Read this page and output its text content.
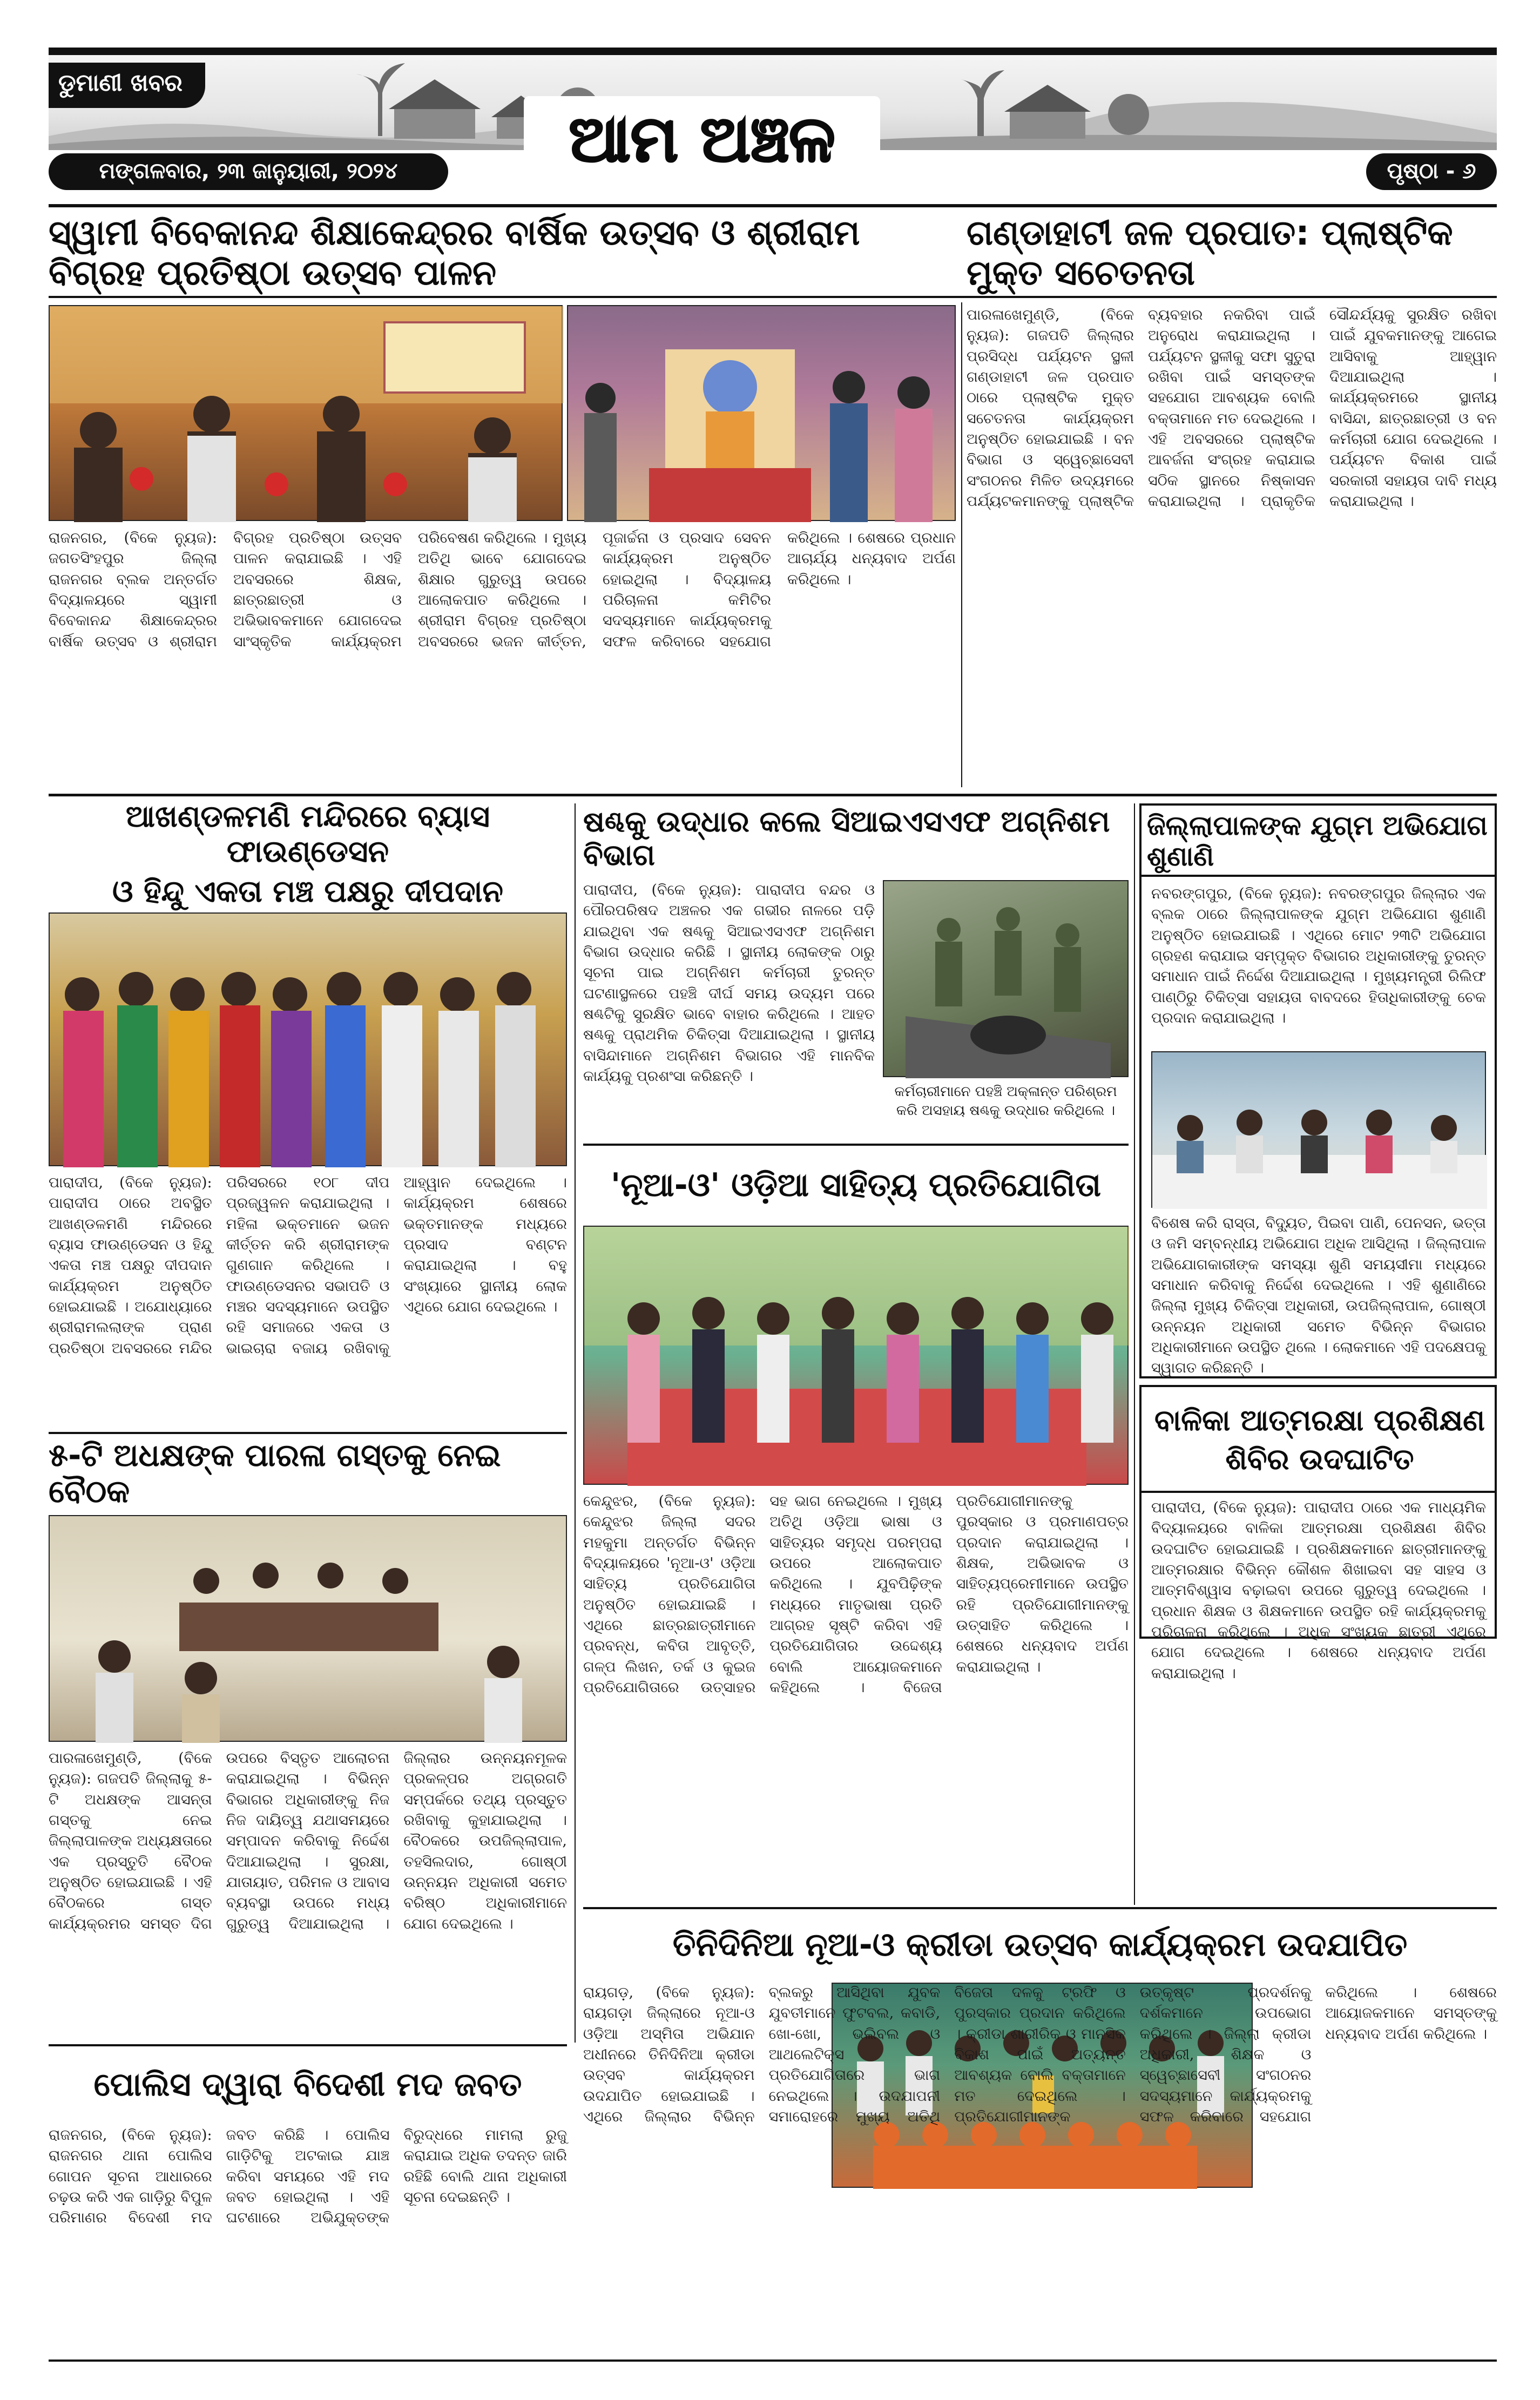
ଡୁମାଣୀ ଖବର
ଆମ ଅଞ୍ଚଳ
ମଙ୍ଗଳବାର, ୨୩ ଜାନୁୟାରୀ, ୨୦୨୪	ପୃଷ୍ଠା - ୬
ସ୍ୱାମୀ ବିବେକାନନ୍ଦ ଶିକ୍ଷାକେନ୍ଦ୍ରର ବାର୍ଷିକ ଉତ୍ସବ ଓ ଶ୍ରୀରାମ ବିଗ୍ରହ ପ୍ରତିଷ୍ଠା ଉତ୍ସବ ପାଳନ
ଗଣ୍ଡାହାଟୀ ଜଳ ପ୍ରପାତ: ପ୍ଲାଷ୍ଟିକ ମୁକ୍ତ ସଚେତନତା

ରାଜନଗର, (ବିକେ ନ୍ୟୁଜ): ଜଗତସିଂହପୁର ଜିଲ୍ଲା ରାଜନଗର ବ୍ଲକ ଅନ୍ତର୍ଗତ ବିଦ୍ୟାଳୟରେ ସ୍ୱାମୀ ବିବେକାନନ୍ଦ ଶିକ୍ଷାକେନ୍ଦ୍ରର ବାର୍ଷିକ ଉତ୍ସବ ଓ ଶ୍ରୀରାମ ବିଗ୍ରହ ପ୍ରତିଷ୍ଠା ଉତ୍ସବ ପାଳନ କରାଯାଇଛି । ଏହି ଅବସରରେ ଶିକ୍ଷକ, ଛାତ୍ରଛାତ୍ରୀ ଓ ଅଭିଭାବକମାନେ ଯୋଗଦେଇ ସାଂସ୍କୃତିକ କାର୍ଯ୍ୟକ୍ରମ ପରିବେଷଣ କରିଥିଲେ । ମୁଖ୍ୟ ଅତିଥି ଭାବେ ଯୋଗଦେଇ ଶିକ୍ଷାର ଗୁରୁତ୍ୱ ଉପରେ ଆଲୋକପାତ କରିଥିଲେ । ଶ୍ରୀରାମ ବିଗ୍ରହ ପ୍ରତିଷ୍ଠା ଅବସରରେ ଭଜନ କୀର୍ତ୍ତନ, ପୂଜାର୍ଚ୍ଚନା ଓ ପ୍ରସାଦ ସେବନ କାର୍ଯ୍ୟକ୍ରମ ଅନୁଷ୍ଠିତ ହୋଇଥିଲା । ବିଦ୍ୟାଳୟ ପରିଚାଳନା କମିଟିର ସଦସ୍ୟମାନେ କାର୍ଯ୍ୟକ୍ରମକୁ ସଫଳ କରିବାରେ ସହଯୋଗ କରିଥିଲେ । ଶେଷରେ ପ୍ରଧାନ ଆଚାର୍ଯ୍ୟ ଧନ୍ୟବାଦ ଅର୍ପଣ କରିଥିଲେ ।

ପାରଳାଖେମୁଣ୍ଡି, (ବିକେ ନ୍ୟୁଜ): ଗଜପତି ଜିଲ୍ଲାର ପ୍ରସିଦ୍ଧ ପର୍ଯ୍ୟଟନ ସ୍ଥଳୀ ଗଣ୍ଡାହାଟୀ ଜଳ ପ୍ରପାତ ଠାରେ ପ୍ଲାଷ୍ଟିକ ମୁକ୍ତ ସଚେତନତା କାର୍ଯ୍ୟକ୍ରମ ଅନୁଷ୍ଠିତ ହୋଇଯାଇଛି । ବନ ବିଭାଗ ଓ ସ୍ୱେଚ୍ଛାସେବୀ ସଂଗଠନର ମିଳିତ ଉଦ୍ୟମରେ ପର୍ଯ୍ୟଟକମାନଙ୍କୁ ପ୍ଲାଷ୍ଟିକ ବ୍ୟବହାର ନକରିବା ପାଇଁ ଅନୁରୋଧ କରାଯାଇଥିଲା । ପର୍ଯ୍ୟଟନ ସ୍ଥଳୀକୁ ସଫା ସୁତୁରା ରଖିବା ପାଇଁ ସମସ୍ତଙ୍କ ସହଯୋଗ ଆବଶ୍ୟକ ବୋଲି ବକ୍ତାମାନେ ମତ ଦେଇଥିଲେ । ଏହି ଅବସରରେ ପ୍ଲାଷ୍ଟିକ ଆବର୍ଜନା ସଂଗ୍ରହ କରାଯାଇ ସଠିକ ସ୍ଥାନରେ ନିଷ୍କାସନ କରାଯାଇଥିଲା । ପ୍ରାକୃତିକ ସୌନ୍ଦର୍ଯ୍ୟକୁ ସୁରକ୍ଷିତ ରଖିବା ପାଇଁ ଯୁବକମାନଙ୍କୁ ଆଗେଇ ଆସିବାକୁ ଆହ୍ୱାନ ଦିଆଯାଇଥିଲା । କାର୍ଯ୍ୟକ୍ରମରେ ସ୍ଥାନୀୟ ବାସିନ୍ଦା, ଛାତ୍ରଛାତ୍ରୀ ଓ ବନ କର୍ମଚାରୀ ଯୋଗ ଦେଇଥିଲେ । ପର୍ଯ୍ୟଟନ ବିକାଶ ପାଇଁ ସରକାରୀ ସହାୟତା ଦାବି ମଧ୍ୟ କରାଯାଇଥିଲା ।

ଆଖଣ୍ଡଳମଣି ମନ୍ଦିରରେ ବ୍ୟାସ ଫାଉଣ୍ଡେସନ
ଓ ହିନ୍ଦୁ ଏକତା ମଞ୍ଚ ପକ୍ଷରୁ ଦୀପଦାନ

ପାରାଦୀପ, (ବିକେ ନ୍ୟୁଜ): ପାରାଦୀପ ଠାରେ ଅବସ୍ଥିତ ଆଖଣ୍ଡଳମଣି ମନ୍ଦିରରେ ବ୍ୟାସ ଫାଉଣ୍ଡେସନ ଓ ହିନ୍ଦୁ ଏକତା ମଞ୍ଚ ପକ୍ଷରୁ ଦୀପଦାନ କାର୍ଯ୍ୟକ୍ରମ ଅନୁଷ୍ଠିତ ହୋଇଯାଇଛି । ଅଯୋଧ୍ୟାରେ ଶ୍ରୀରାମଲଲାଙ୍କ ପ୍ରାଣ ପ୍ରତିଷ୍ଠା ଅବସରରେ ମନ୍ଦିର ପରିସରରେ ୧୦୮ ଦୀପ ପ୍ରଜ୍ୱଳନ କରାଯାଇଥିଲା । ମହିଳା ଭକ୍ତମାନେ ଭଜନ କୀର୍ତ୍ତନ କରି ଶ୍ରୀରାମଙ୍କ ଗୁଣଗାନ କରିଥିଲେ । ଫାଉଣ୍ଡେସନର ସଭାପତି ଓ ମଞ୍ଚର ସଦସ୍ୟମାନେ ଉପସ୍ଥିତ ରହି ସମାଜରେ ଏକତା ଓ ଭାଇଚାରା ବଜାୟ ରଖିବାକୁ ଆହ୍ୱାନ ଦେଇଥିଲେ । କାର୍ଯ୍ୟକ୍ରମ ଶେଷରେ ଭକ୍ତମାନଙ୍କ ମଧ୍ୟରେ ପ୍ରସାଦ ବଣ୍ଟନ କରାଯାଇଥିଲା । ବହୁ ସଂଖ୍ୟାରେ ସ୍ଥାନୀୟ ଲୋକ ଏଥିରେ ଯୋଗ ଦେଇଥିଲେ ।

ଷଣ୍ଢକୁ ଉଦ୍ଧାର କଲେ ସିଆଇଏସଏଫ ଅଗ୍ନିଶମ ବିଭାଗ

ପାରାଦୀପ, (ବିକେ ନ୍ୟୁଜ): ପାରାଦୀପ ବନ୍ଦର ଓ ପୌରପରିଷଦ ଅଞ୍ଚଳର ଏକ ଗଭୀର ନାଳରେ ପଡ଼ି ଯାଇଥିବା ଏକ ଷଣ୍ଢକୁ ସିଆଇଏସଏଫ ଅଗ୍ନିଶମ ବିଭାଗ ଉଦ୍ଧାର କରିଛି । ସ୍ଥାନୀୟ ଲୋକଙ୍କ ଠାରୁ ସୂଚନା ପାଇ ଅଗ୍ନିଶମ କର୍ମଚାରୀ ତୁରନ୍ତ ଘଟଣାସ୍ଥଳରେ ପହଞ୍ଚି ଦୀର୍ଘ ସମୟ ଉଦ୍ୟମ ପରେ ଷଣ୍ଢଟିକୁ ସୁରକ୍ଷିତ ଭାବେ ବାହାର କରିଥିଲେ । ଆହତ ଷଣ୍ଢକୁ ପ୍ରାଥମିକ ଚିକିତ୍ସା ଦିଆଯାଇଥିଲା । ସ୍ଥାନୀୟ ବାସିନ୍ଦାମାନେ ଅଗ୍ନିଶମ ବିଭାଗର ଏହି ମାନବିକ କାର୍ଯ୍ୟକୁ ପ୍ରଶଂସା କରିଛନ୍ତି ।

କର୍ମଚାରୀମାନେ ପହଞ୍ଚି ଅକ୍ଳାନ୍ତ ପରିଶ୍ରମ କରି ଅସହାୟ ଷଣ୍ଢକୁ ଉଦ୍ଧାର କରିଥିଲେ ।
'ନୂଆ-ଓ' ଓଡ଼ିଆ ସାହିତ୍ୟ ପ୍ରତିଯୋଗିତା

କେନ୍ଦୁଝର, (ବିକେ ନ୍ୟୁଜ): କେନ୍ଦୁଝର ଜିଲ୍ଲା ସଦର ମହକୁମା ଅନ୍ତର୍ଗତ ବିଭିନ୍ନ ବିଦ୍ୟାଳୟରେ 'ନୂଆ-ଓ' ଓଡ଼ିଆ ସାହିତ୍ୟ ପ୍ରତିଯୋଗିତା ଅନୁଷ୍ଠିତ ହୋଇଯାଇଛି । ଏଥିରେ ଛାତ୍ରଛାତ୍ରୀମାନେ ପ୍ରବନ୍ଧ, କବିତା ଆବୃତ୍ତି, ଗଳ୍ପ ଲିଖନ, ତର୍କ ଓ କୁଇଜ ପ୍ରତିଯୋଗିତାରେ ଉତ୍ସାହର ସହ ଭାଗ ନେଇଥିଲେ । ମୁଖ୍ୟ ଅତିଥି ଓଡ଼ିଆ ଭାଷା ଓ ସାହିତ୍ୟର ସମୃଦ୍ଧ ପରମ୍ପରା ଉପରେ ଆଲୋକପାତ କରିଥିଲେ । ଯୁବପିଢ଼ିଙ୍କ ମଧ୍ୟରେ ମାତୃଭାଷା ପ୍ରତି ଆଗ୍ରହ ସୃଷ୍ଟି କରିବା ଏହି ପ୍ରତିଯୋଗିତାର ଉଦ୍ଦେଶ୍ୟ ବୋଲି ଆୟୋଜକମାନେ କହିଥିଲେ । ବିଜେତା ପ୍ରତିଯୋଗୀମାନଙ୍କୁ ପୁରସ୍କାର ଓ ପ୍ରମାଣପତ୍ର ପ୍ରଦାନ କରାଯାଇଥିଲା । ଶିକ୍ଷକ, ଅଭିଭାବକ ଓ ସାହିତ୍ୟପ୍ରେମୀମାନେ ଉପସ୍ଥିତ ରହି ପ୍ରତିଯୋଗୀମାନଙ୍କୁ ଉତ୍ସାହିତ କରିଥିଲେ । ଶେଷରେ ଧନ୍ୟବାଦ ଅର୍ପଣ କରାଯାଇଥିଲା ।

ଜିଲ୍ଲାପାଳଙ୍କ ଯୁଗ୍ମ ଅଭିଯୋଗ ଶୁଣାଣି

ନବରଙ୍ଗପୁର, (ବିକେ ନ୍ୟୁଜ): ନବରଙ୍ଗପୁର ଜିଲ୍ଲାର ଏକ ବ୍ଲକ ଠାରେ ଜିଲ୍ଲାପାଳଙ୍କ ଯୁଗ୍ମ ଅଭିଯୋଗ ଶୁଣାଣି ଅନୁଷ୍ଠିତ ହୋଇଯାଇଛି । ଏଥିରେ ମୋଟ ୨୩ଟି ଅଭିଯୋଗ ଗ୍ରହଣ କରାଯାଇ ସମ୍ପୃକ୍ତ ବିଭାଗର ଅଧିକାରୀଙ୍କୁ ତୁରନ୍ତ ସମାଧାନ ପାଇଁ ନିର୍ଦ୍ଦେଶ ଦିଆଯାଇଥିଲା । ମୁଖ୍ୟମନ୍ତ୍ରୀ ରିଲିଫ ପାଣ୍ଠିରୁ ଚିକିତ୍ସା ସହାୟତା ବାବଦରେ ହିତାଧିକାରୀଙ୍କୁ ଚେକ ପ୍ରଦାନ କରାଯାଇଥିଲା ।

ବିଶେଷ କରି ରାସ୍ତା, ବିଦ୍ୟୁତ, ପିଇବା ପାଣି, ପେନସନ, ଭତ୍ତା ଓ ଜମି ସମ୍ବନ୍ଧୀୟ ଅଭିଯୋଗ ଅଧିକ ଆସିଥିଲା । ଜିଲ୍ଲାପାଳ ଅଭିଯୋଗକାରୀଙ୍କ ସମସ୍ୟା ଶୁଣି ସମୟସୀମା ମଧ୍ୟରେ ସମାଧାନ କରିବାକୁ ନିର୍ଦ୍ଦେଶ ଦେଇଥିଲେ । ଏହି ଶୁଣାଣିରେ ଜିଲ୍ଲା ମୁଖ୍ୟ ଚିକିତ୍ସା ଅଧିକାରୀ, ଉପଜିଲ୍ଲାପାଳ, ଗୋଷ୍ଠୀ ଉନ୍ନୟନ ଅଧିକାରୀ ସମେତ ବିଭିନ୍ନ ବିଭାଗର ଅଧିକାରୀମାନେ ଉପସ୍ଥିତ ଥିଲେ । ଲୋକମାନେ ଏହି ପଦକ୍ଷେପକୁ ସ୍ୱାଗତ କରିଛନ୍ତି ।

ବାଳିକା ଆତ୍ମରକ୍ଷା ପ୍ରଶିକ୍ଷଣ
ଶିବିର ଉଦଘାଟିତ

ପାରାଦୀପ, (ବିକେ ନ୍ୟୁଜ): ପାରାଦୀପ ଠାରେ ଏକ ମାଧ୍ୟମିକ ବିଦ୍ୟାଳୟରେ ବାଳିକା ଆତ୍ମରକ୍ଷା ପ୍ରଶିକ୍ଷଣ ଶିବିର ଉଦଘାଟିତ ହୋଇଯାଇଛି । ପ୍ରଶିକ୍ଷକମାନେ ଛାତ୍ରୀମାନଙ୍କୁ ଆତ୍ମରକ୍ଷାର ବିଭିନ୍ନ କୌଶଳ ଶିଖାଇବା ସହ ସାହସ ଓ ଆତ୍ମବିଶ୍ୱାସ ବଢ଼ାଇବା ଉପରେ ଗୁରୁତ୍ୱ ଦେଇଥିଲେ । ପ୍ରଧାନ ଶିକ୍ଷକ ଓ ଶିକ୍ଷକମାନେ ଉପସ୍ଥିତ ରହି କାର୍ଯ୍ୟକ୍ରମକୁ ପରିଚାଳନା କରିଥିଲେ । ଅଧିକ ସଂଖ୍ୟକ ଛାତ୍ରୀ ଏଥିରେ ଯୋଗ ଦେଇଥିଲେ । ଶେଷରେ ଧନ୍ୟବାଦ ଅର୍ପଣ କରାଯାଇଥିଲା ।

୫-ଟି ଅଧକ୍ଷଙ୍କ ପାରଳା ଗସ୍ତକୁ ନେଇ ବୈଠକ

ପାରଳାଖେମୁଣ୍ଡି, (ବିକେ ନ୍ୟୁଜ): ଗଜପତି ଜିଲ୍ଲାକୁ ୫-ଟି ଅଧକ୍ଷଙ୍କ ଆସନ୍ତା ଗସ୍ତକୁ ନେଇ ଜିଲ୍ଲାପାଳଙ୍କ ଅଧ୍ୟକ୍ଷତାରେ ଏକ ପ୍ରସ୍ତୁତି ବୈଠକ ଅନୁଷ୍ଠିତ ହୋଇଯାଇଛି । ଏହି ବୈଠକରେ ଗସ୍ତ କାର୍ଯ୍ୟକ୍ରମର ସମସ୍ତ ଦିଗ ଉପରେ ବିସ୍ତୃତ ଆଲୋଚନା କରାଯାଇଥିଲା । ବିଭିନ୍ନ ବିଭାଗର ଅଧିକାରୀଙ୍କୁ ନିଜ ନିଜ ଦାୟିତ୍ୱ ଯଥାସମୟରେ ସମ୍ପାଦନ କରିବାକୁ ନିର୍ଦ୍ଦେଶ ଦିଆଯାଇଥିଲା । ସୁରକ୍ଷା, ଯାତାୟାତ, ପରିମଳ ଓ ଆବାସ ବ୍ୟବସ୍ଥା ଉପରେ ମଧ୍ୟ ଗୁରୁତ୍ୱ ଦିଆଯାଇଥିଲା । ଜିଲ୍ଲାର ଉନ୍ନୟନମୂଳକ ପ୍ରକଳ୍ପର ଅଗ୍ରଗତି ସମ୍ପର୍କରେ ତଥ୍ୟ ପ୍ରସ୍ତୁତ ରଖିବାକୁ କୁହାଯାଇଥିଲା । ବୈଠକରେ ଉପଜିଲ୍ଲାପାଳ, ତହସିଲଦାର, ଗୋଷ୍ଠୀ ଉନ୍ନୟନ ଅଧିକାରୀ ସମେତ ବରିଷ୍ଠ ଅଧିକାରୀମାନେ ଯୋଗ ଦେଇଥିଲେ ।

ତିନିଦିନିଆ ନୂଆ-ଓ କ୍ରୀଡା ଉତ୍ସବ କାର୍ଯ୍ୟକ୍ରମ ଉଦଯାପିତ

ରାୟଗଡ଼, (ବିକେ ନ୍ୟୁଜ): ରାୟଗଡ଼ା ଜିଲ୍ଲାରେ ନୂଆ-ଓ ଓଡ଼ିଆ ଅସ୍ମିତା ଅଭିଯାନ ଅଧୀନରେ ତିନିଦିନିଆ କ୍ରୀଡା ଉତ୍ସବ କାର୍ଯ୍ୟକ୍ରମ ଉଦଯାପିତ ହୋଇଯାଇଛି । ଏଥିରେ ଜିଲ୍ଲାର ବିଭିନ୍ନ ବ୍ଲକରୁ ଆସିଥିବା ଯୁବକ ଯୁବତୀମାନେ ଫୁଟବଲ, କବାଡି, ଖୋ-ଖୋ, ଭଲିବଲ ଓ ଆଥଲେଟିକ୍ସ ପ୍ରତିଯୋଗିତାରେ ଭାଗ ନେଇଥିଲେ । ଉଦଯାପନୀ ସମାରୋହରେ ମୁଖ୍ୟ ଅତିଥି ବିଜେତା ଦଳକୁ ଟ୍ରଫି ଓ ପୁରସ୍କାର ପ୍ରଦାନ କରିଥିଲେ । କ୍ରୀଡା ଶାରୀରିକ ଓ ମାନସିକ ବିକାଶ ପାଇଁ ଅତ୍ୟନ୍ତ ଆବଶ୍ୟକ ବୋଲି ବକ୍ତାମାନେ ମତ ଦେଇଥିଲେ । ପ୍ରତିଯୋଗୀମାନଙ୍କ ଉତ୍କୃଷ୍ଟ ପ୍ରଦର୍ଶନକୁ ଦର୍ଶକମାନେ ଉପଭୋଗ କରିଥିଲେ । ଜିଲ୍ଲା କ୍ରୀଡା ଅଧିକାରୀ, ଶିକ୍ଷକ ଓ ସ୍ୱେଚ୍ଛାସେବୀ ସଂଗଠନର ସଦସ୍ୟମାନେ କାର୍ଯ୍ୟକ୍ରମକୁ ସଫଳ କରିବାରେ ସହଯୋଗ କରିଥିଲେ । ଶେଷରେ ଆୟୋଜକମାନେ ସମସ୍ତଙ୍କୁ ଧନ୍ୟବାଦ ଅର୍ପଣ କରିଥିଲେ ।

ପୋଲିସ ଦ୍ୱାରା ବିଦେଶୀ ମଦ ଜବତ

ରାଜନଗର, (ବିକେ ନ୍ୟୁଜ): ରାଜନଗର ଥାନା ପୋଲିସ ଗୋପନ ସୂଚନା ଆଧାରରେ ଚଢ଼ଉ କରି ଏକ ଗାଡ଼ିରୁ ବିପୁଳ ପରିମାଣର ବିଦେଶୀ ମଦ ଜବତ କରିଛି । ପୋଲିସ ଗାଡ଼ିଟିକୁ ଅଟକାଇ ଯାଞ୍ଚ କରିବା ସମୟରେ ଏହି ମଦ ଜବତ ହୋଇଥିଲା । ଏହି ଘଟଣାରେ ଅଭିଯୁକ୍ତଙ୍କ ବିରୁଦ୍ଧରେ ମାମଲା ରୁଜୁ କରାଯାଇ ଅଧିକ ତଦନ୍ତ ଜାରି ରହିଛି ବୋଲି ଥାନା ଅଧିକାରୀ ସୂଚନା ଦେଇଛନ୍ତି ।
